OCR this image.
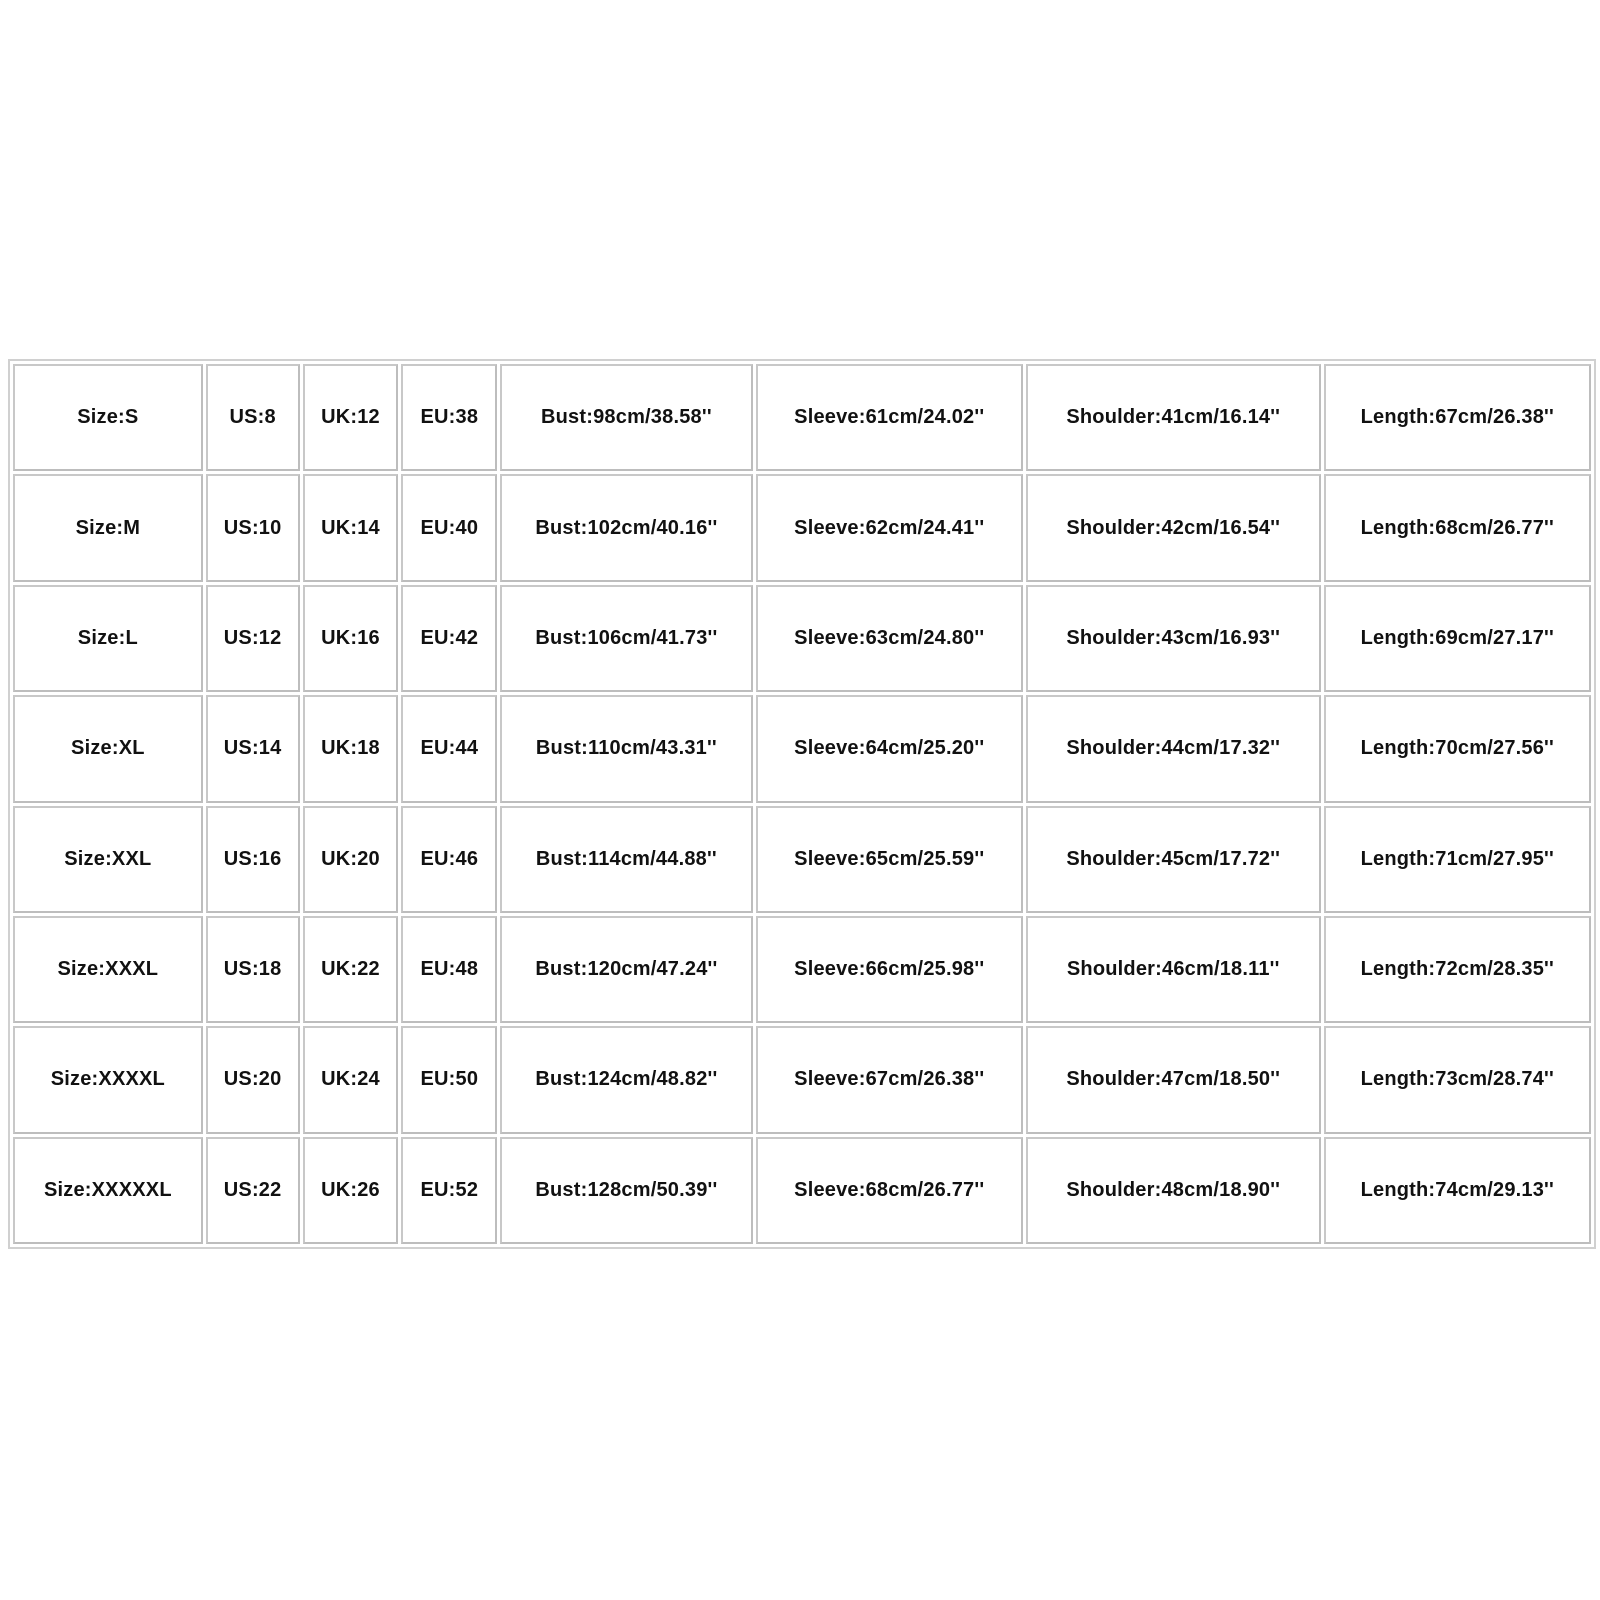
Size:S	US:8	UK:12	EU:38	Bust:98cm/38.58''	Sleeve:61cm/24.02''	Shoulder:41cm/16.14''	Length:67cm/26.38''
Size:M	US:10	UK:14	EU:40	Bust:102cm/40.16''	Sleeve:62cm/24.41''	Shoulder:42cm/16.54''	Length:68cm/26.77''
Size:L	US:12	UK:16	EU:42	Bust:106cm/41.73''	Sleeve:63cm/24.80''	Shoulder:43cm/16.93''	Length:69cm/27.17''
Size:XL	US:14	UK:18	EU:44	Bust:110cm/43.31''	Sleeve:64cm/25.20''	Shoulder:44cm/17.32''	Length:70cm/27.56''
Size:XXL	US:16	UK:20	EU:46	Bust:114cm/44.88''	Sleeve:65cm/25.59''	Shoulder:45cm/17.72''	Length:71cm/27.95''
Size:XXXL	US:18	UK:22	EU:48	Bust:120cm/47.24''	Sleeve:66cm/25.98''	Shoulder:46cm/18.11''	Length:72cm/28.35''
Size:XXXXL	US:20	UK:24	EU:50	Bust:124cm/48.82''	Sleeve:67cm/26.38''	Shoulder:47cm/18.50''	Length:73cm/28.74''
Size:XXXXXL	US:22	UK:26	EU:52	Bust:128cm/50.39''	Sleeve:68cm/26.77''	Shoulder:48cm/18.90''	Length:74cm/29.13''
